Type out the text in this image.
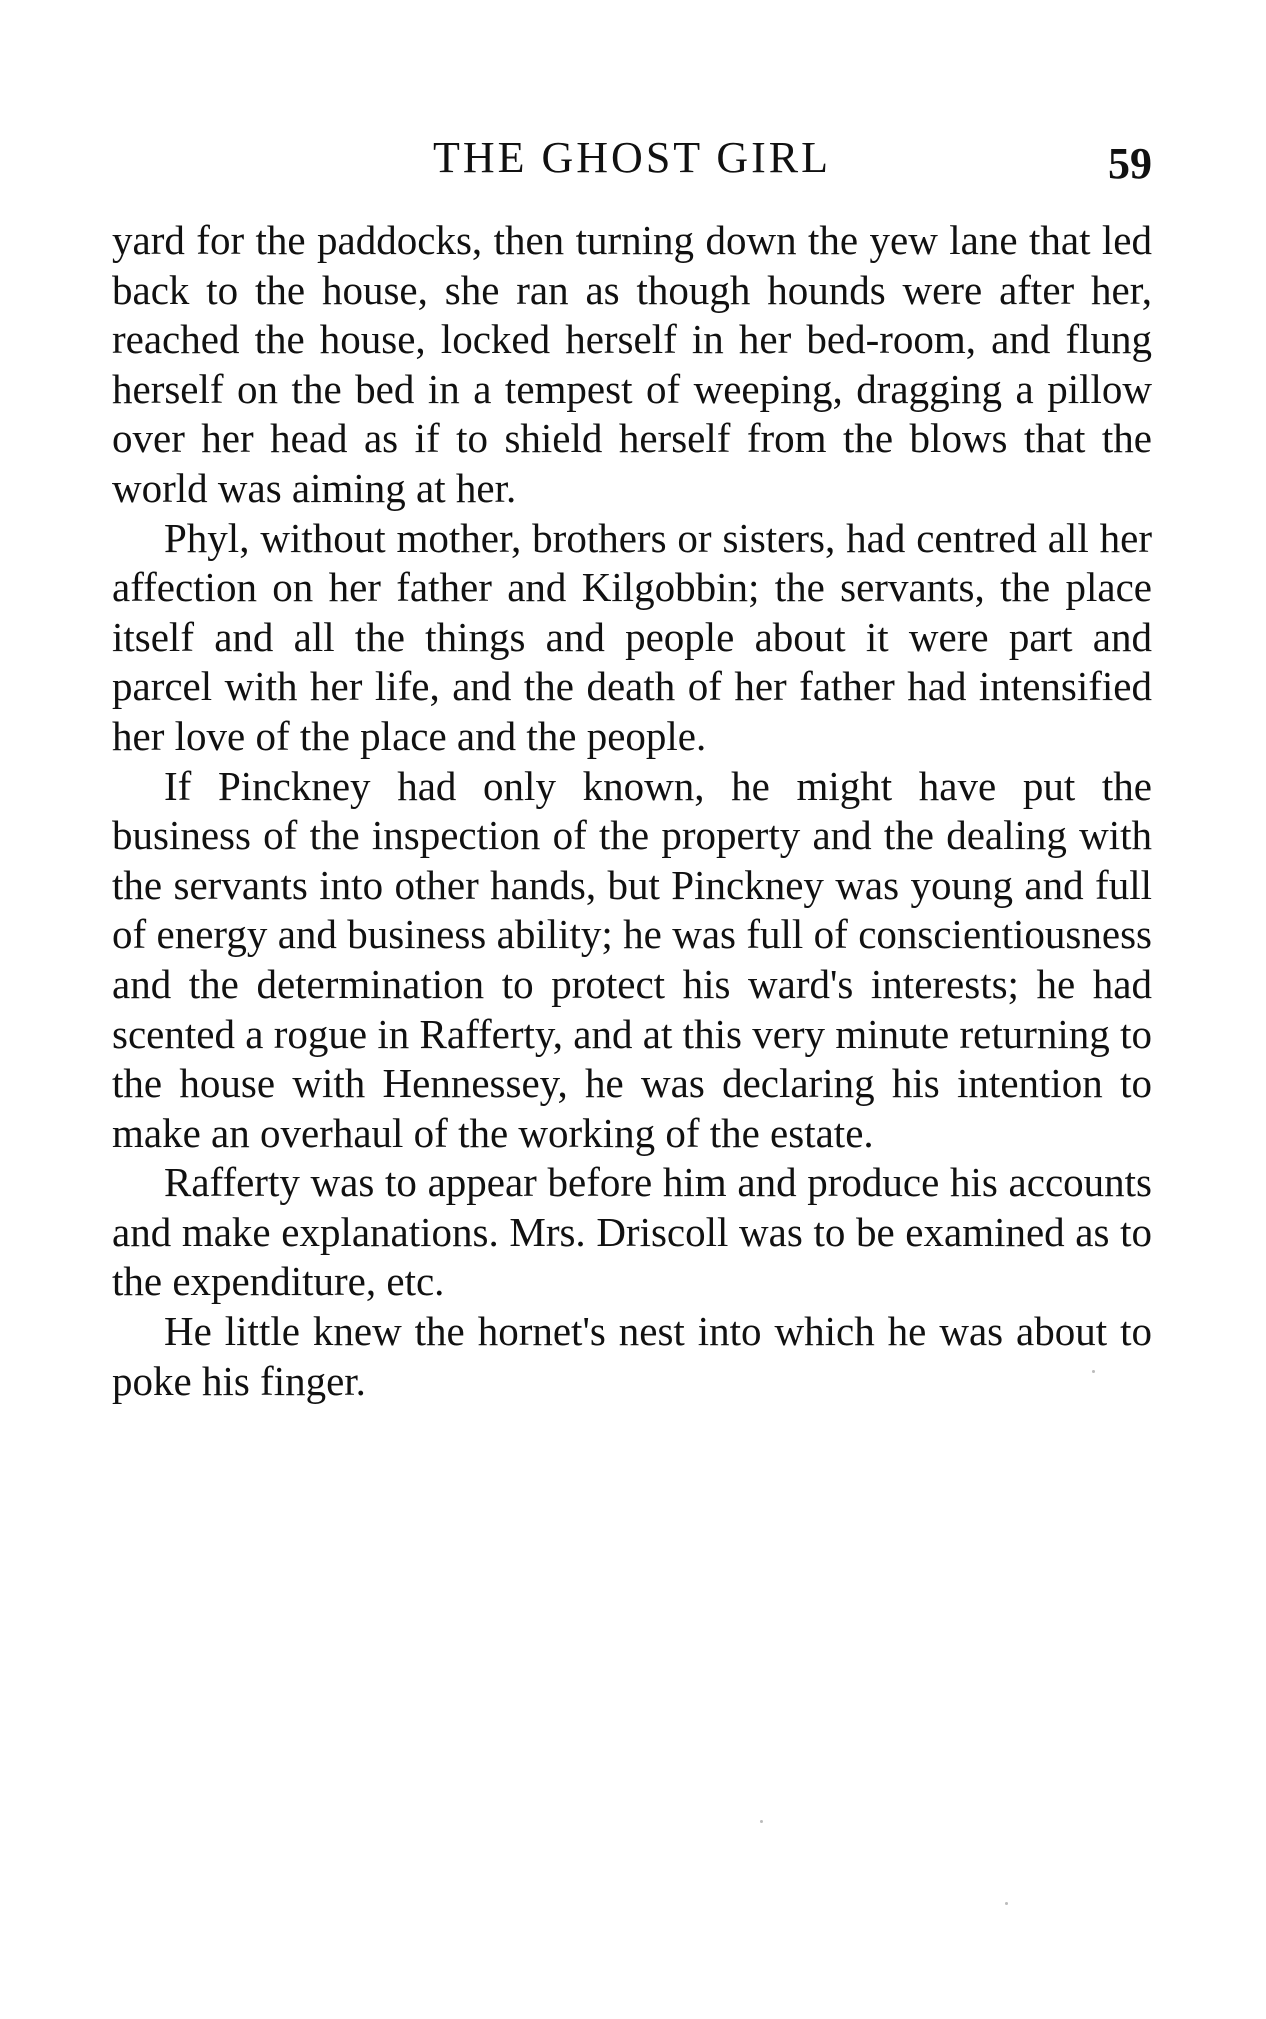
THE GHOST GIRL	59

yard for the paddocks, then turning down the yew lane that led back to the house, she ran as though hounds were after her, reached the house, locked herself in her bed-room, and flung herself on the bed in a tempest of weeping, dragging a pillow over her head as if to shield herself from the blows that the world was aiming at her.

Phyl, without mother, brothers or sisters, had centred all her affection on her father and Kilgobbin; the servants, the place itself and all the things and people about it were part and parcel with her life, and the death of her father had intensified her love of the place and the people.

If Pinckney had only known, he might have put the business of the inspection of the property and the dealing with the servants into other hands, but Pinckney was young and full of energy and business ability; he was full of conscientiousness and the determination to protect his ward's interests; he had scented a rogue in Rafferty, and at this very minute returning to the house with Hennessey, he was declaring his intention to make an overhaul of the working of the estate.

Rafferty was to appear before him and produce his accounts and make explanations. Mrs. Driscoll was to be examined as to the expenditure, etc.

He little knew the hornet's nest into which he was about to poke his finger.
